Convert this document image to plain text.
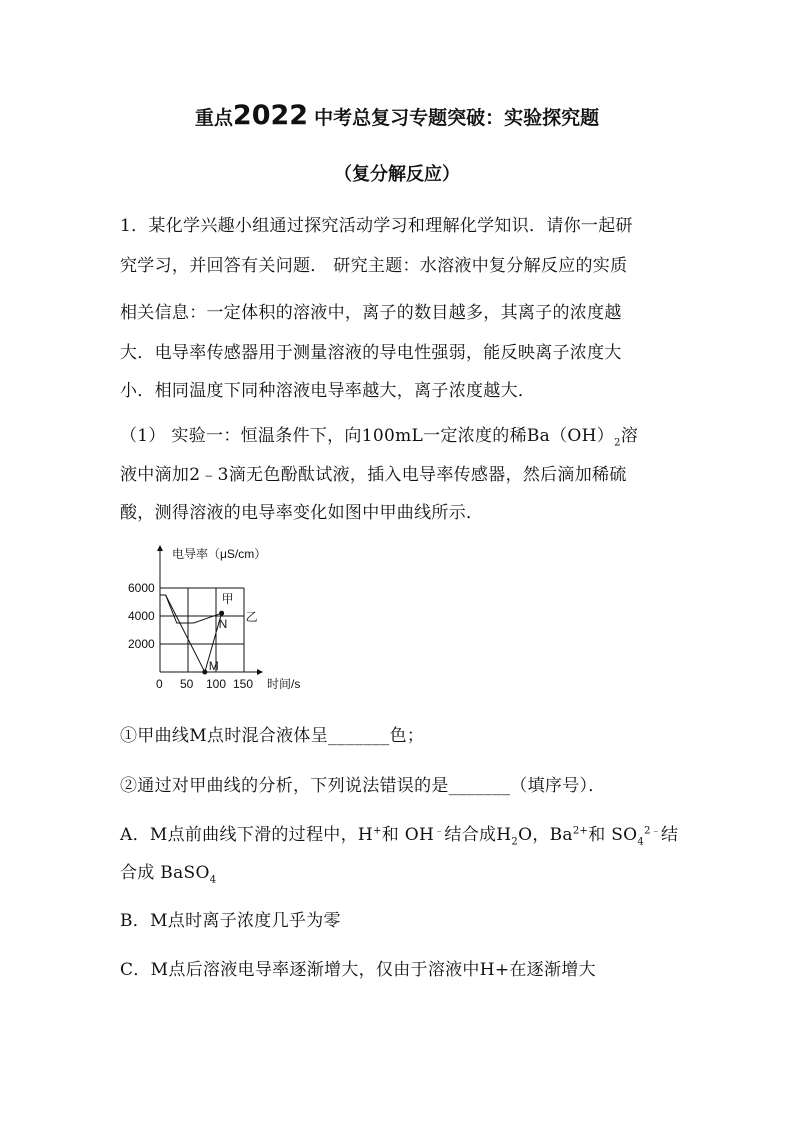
重点2022 中考总复习专题突破：实验探究题
（复分解反应）
1．某化学兴趣小组通过探究活动学习和理解化学知识．请你一起研
究学习，并回答有关问题． 研究主题：水溶液中复分解反应的实质
相关信息：一定体积的溶液中，离子的数目越多，其离子的浓度越
大．电导率传感器用于测量溶液的导电性强弱，能反映离子浓度大
小．相同温度下同种溶液电导率越大，离子浓度越大．
（1） 实验一：恒温条件下，向100mL一定浓度的稀$Ba(OH)_2$溶
液中滴加2﹣3滴无色酚酞试液，插入电导率传感器，然后滴加稀硫
酸，测得溶液的电导率变化如图中甲曲线所示．
电导率（μS/cm）
时间/s
6000
4000
2000
0 50 100 150
M
N
甲
乙
①甲曲线M点时混合液体呈_______色；
②通过对甲曲线的分析，下列说法错误的是_______（填序号）．
A．M点前曲线下滑的过程中，H+和 OH﹣结合成$H_2O$，$Ba^{2+}$和 $SO_4^{2﹣}$结
合成 BaSO$_4$
B．M点时离子浓度几乎为零
C．M点后溶液电导率逐渐增大，仅由于溶液中H+在逐渐增大
